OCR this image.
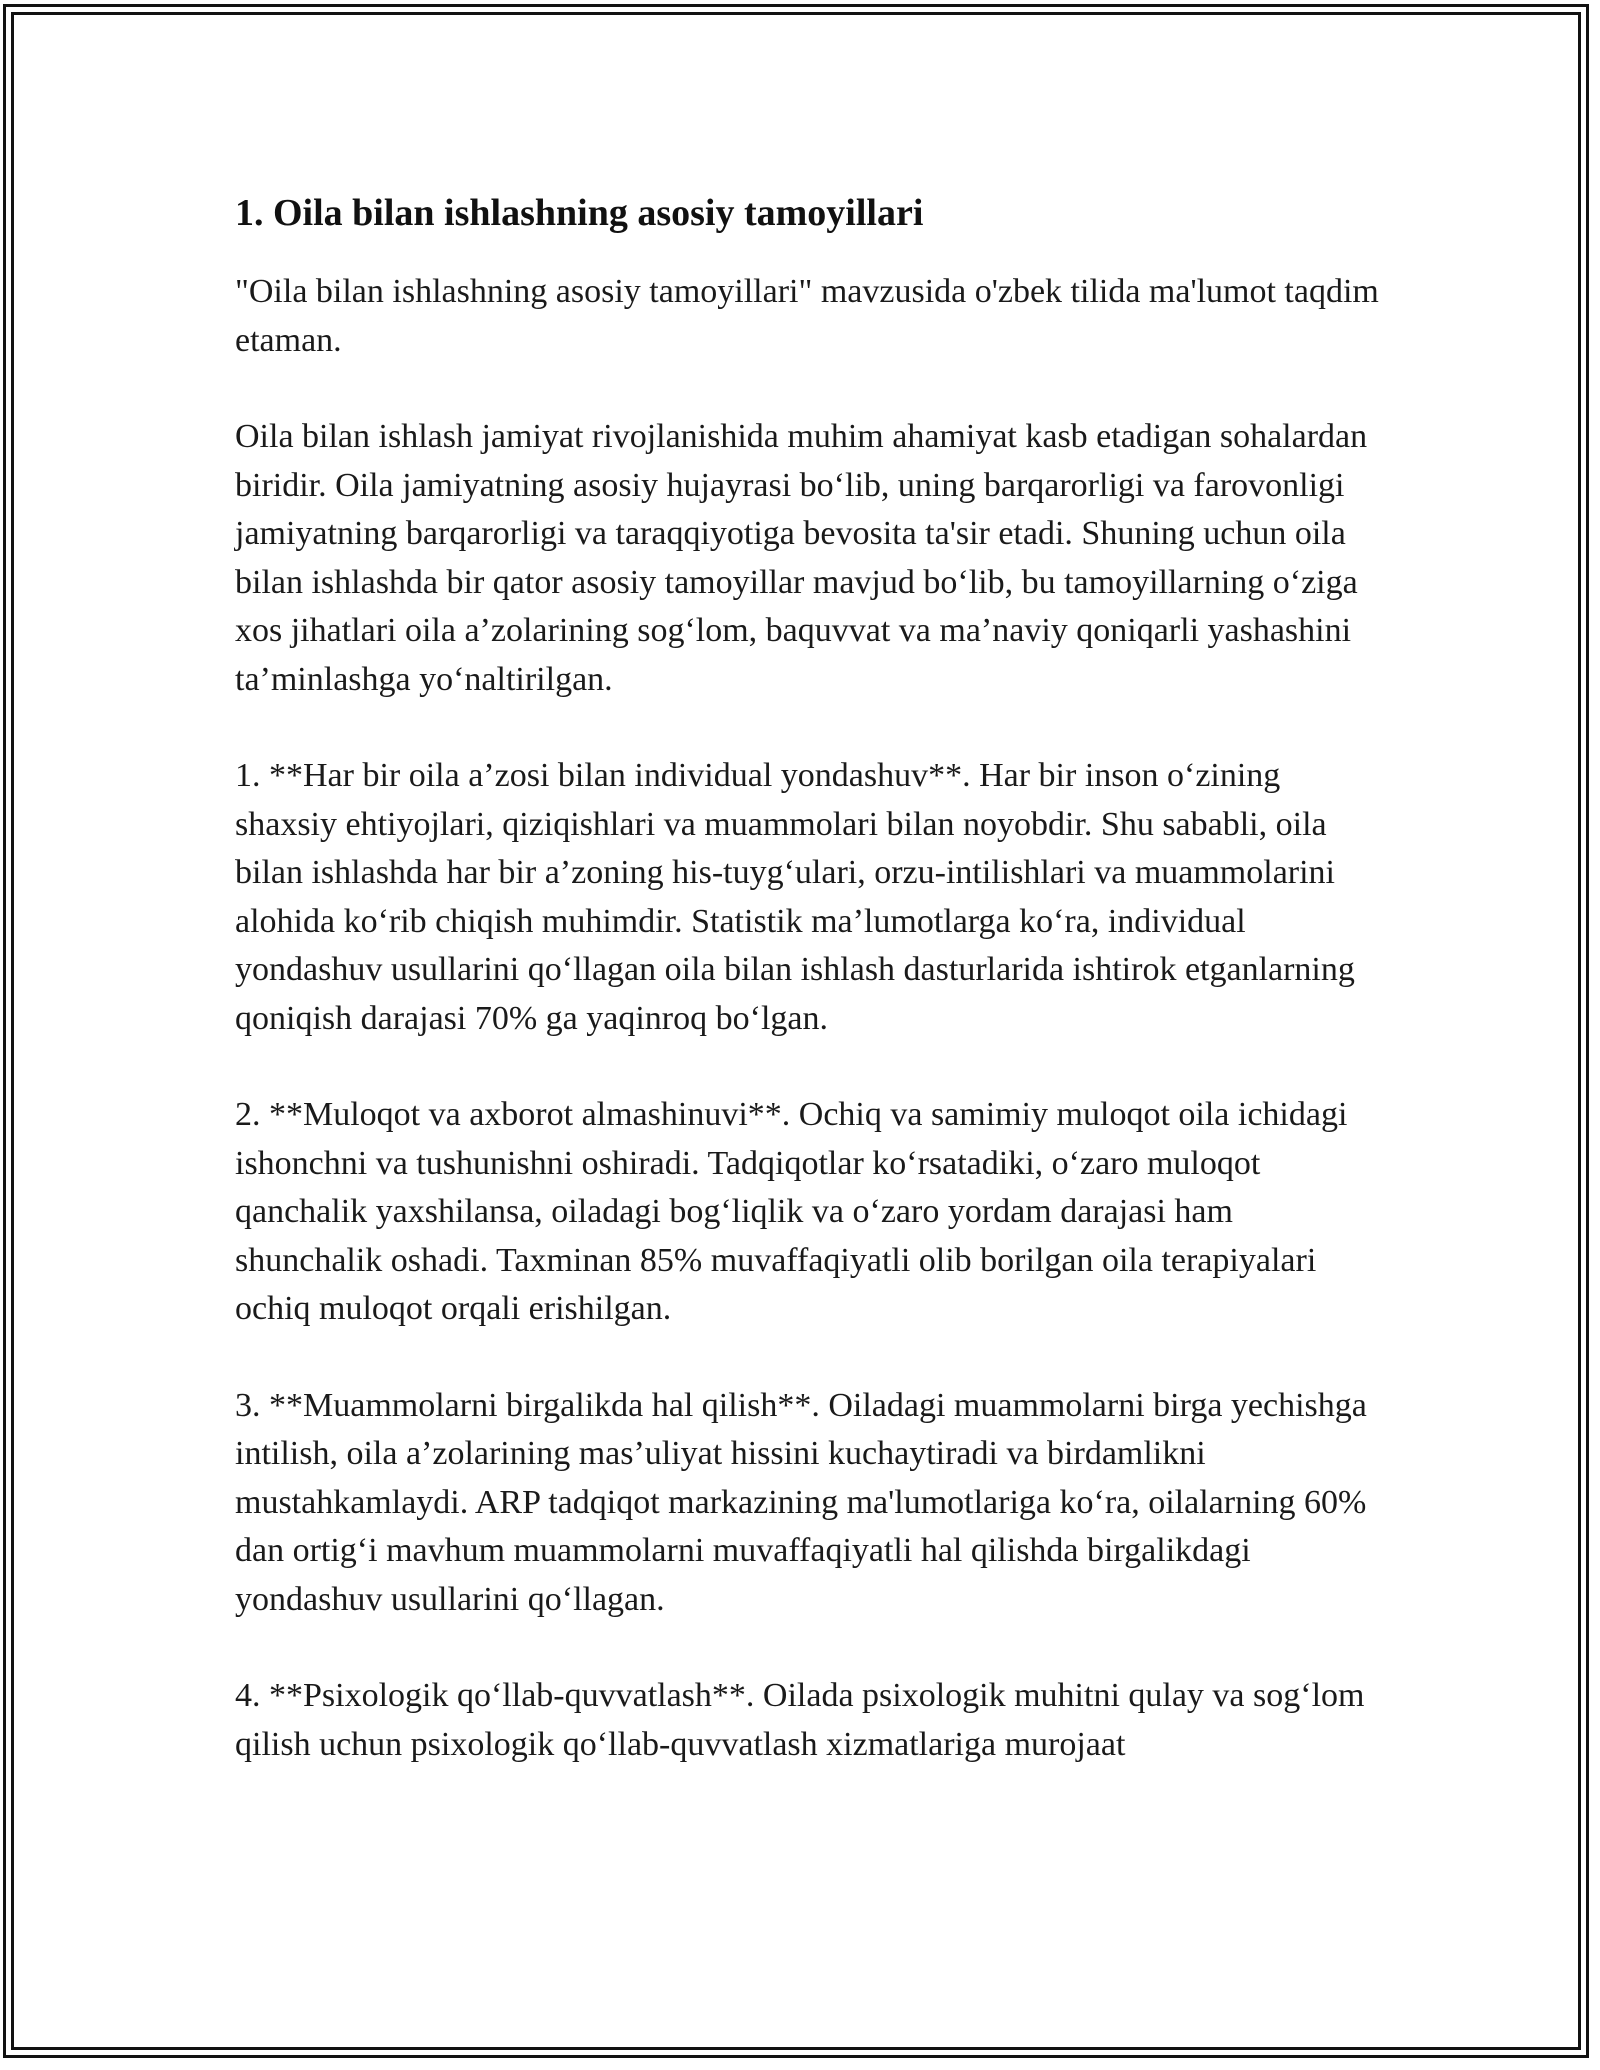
1. Oila bilan ishlashning asosiy tamoyillari

"Oila bilan ishlashning asosiy tamoyillari" mavzusida o'zbek tilida ma'lumot taqdim etaman.

Oila bilan ishlash jamiyat rivojlanishida muhim ahamiyat kasb etadigan sohalardan biridir. Oila jamiyatning asosiy hujayrasi bo‘lib, uning barqarorligi va farovonligi jamiyatning barqarorligi va taraqqiyotiga bevosita ta'sir etadi. Shuning uchun oila bilan ishlashda bir qator asosiy tamoyillar mavjud bo‘lib, bu tamoyillarning o‘ziga xos jihatlari oila a’zolarining sog‘lom, baquvvat va ma’naviy qoniqarli yashashini ta’minlashga yo‘naltirilgan.

1. **Har bir oila a’zosi bilan individual yondashuv**. Har bir inson o‘zining shaxsiy ehtiyojlari, qiziqishlari va muammolari bilan noyobdir. Shu sababli, oila bilan ishlashda har bir a’zoning his-tuyg‘ulari, orzu-intilishlari va muammolarini alohida ko‘rib chiqish muhimdir. Statistik ma’lumotlarga ko‘ra, individual yondashuv usullarini qo‘llagan oila bilan ishlash dasturlarida ishtirok etganlarning qoniqish darajasi 70% ga yaqinroq bo‘lgan.

2. **Muloqot va axborot almashinuvi**. Ochiq va samimiy muloqot oila ichidagi ishonchni va tushunishni oshiradi. Tadqiqotlar ko‘rsatadiki, o‘zaro muloqot qanchalik yaxshilansa, oiladagi bog‘liqlik va o‘zaro yordam darajasi ham shunchalik oshadi. Taxminan 85% muvaffaqiyatli olib borilgan oila terapiyalari ochiq muloqot orqali erishilgan.

3. **Muammolarni birgalikda hal qilish**. Oiladagi muammolarni birga yechishga intilish, oila a’zolarining mas’uliyat hissini kuchaytiradi va birdamlikni mustahkamlaydi. ARP tadqiqot markazining ma'lumotlariga ko‘ra, oilalarning 60% dan ortig‘i mavhum muammolarni muvaffaqiyatli hal qilishda birgalikdagi yondashuv usullarini qo‘llagan.

4. **Psixologik qo‘llab-quvvatlash**. Oilada psixologik muhitni qulay va sog‘lom qilish uchun psixologik qo‘llab-quvvatlash xizmatlariga murojaat
